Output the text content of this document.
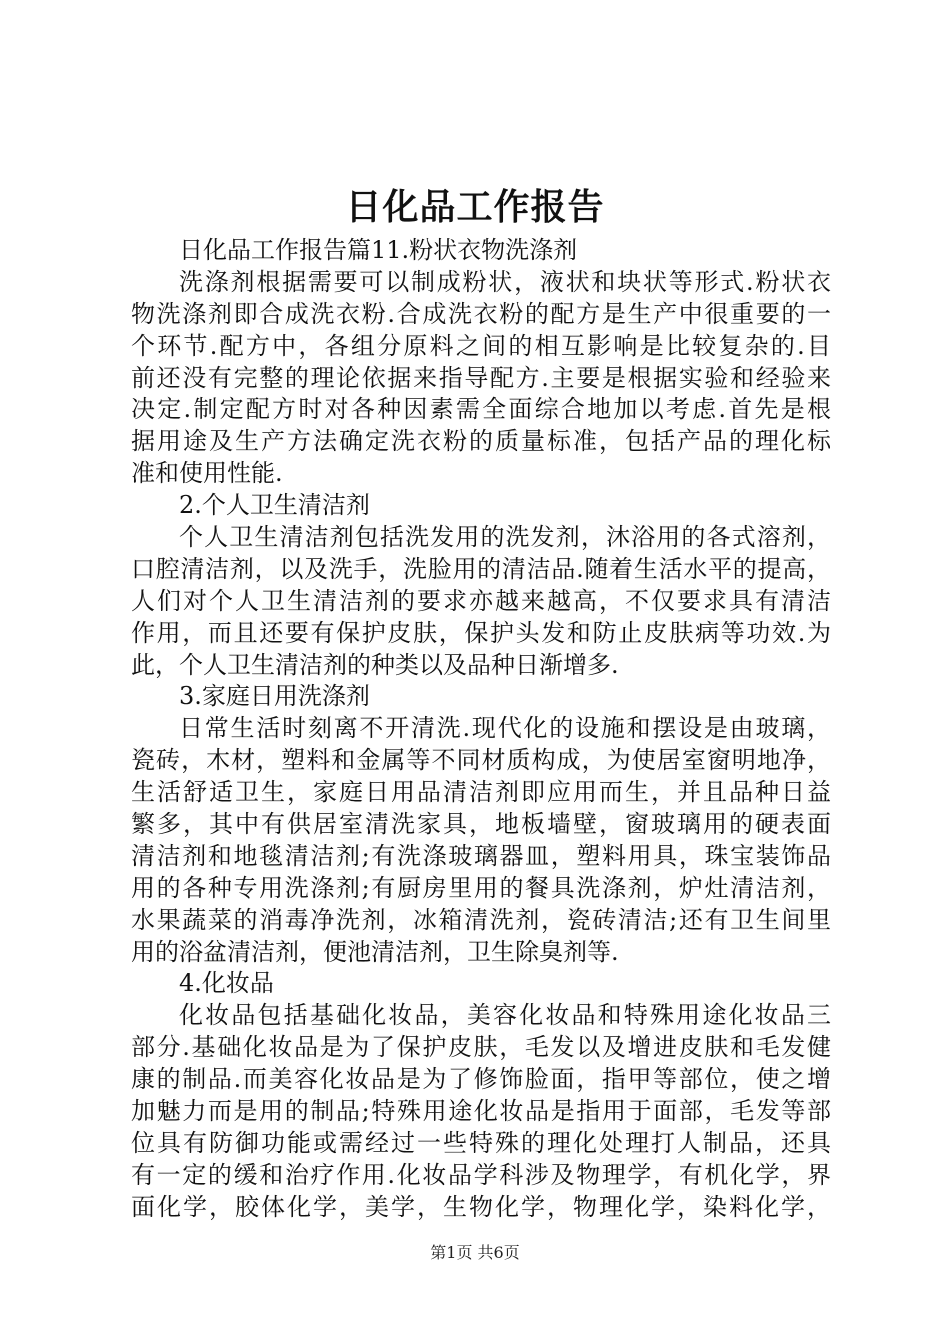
日化品工作报告
日化品工作报告篇11.粉状衣物洗涤剂
洗涤剂根据需要可以制成粉状，液状和块状等形式.粉状衣
物洗涤剂即合成洗衣粉.合成洗衣粉的配方是生产中很重要的一
个环节.配方中，各组分原料之间的相互影响是比较复杂的.目
前还没有完整的理论依据来指导配方.主要是根据实验和经验来
决定.制定配方时对各种因素需全面综合地加以考虑.首先是根
据用途及生产方法确定洗衣粉的质量标准，包括产品的理化标
准和使用性能.
2.个人卫生清洁剂
个人卫生清洁剂包括洗发用的洗发剂，沐浴用的各式溶剂，
口腔清洁剂，以及洗手，洗脸用的清洁品.随着生活水平的提高，
人们对个人卫生清洁剂的要求亦越来越高，不仅要求具有清洁
作用，而且还要有保护皮肤，保护头发和防止皮肤病等功效.为
此，个人卫生清洁剂的种类以及品种日渐增多.
3.家庭日用洗涤剂
日常生活时刻离不开清洗.现代化的设施和摆设是由玻璃，
瓷砖，木材，塑料和金属等不同材质构成，为使居室窗明地净，
生活舒适卫生，家庭日用品清洁剂即应用而生，并且品种日益
繁多，其中有供居室清洗家具，地板墙壁，窗玻璃用的硬表面
清洁剂和地毯清洁剂;有洗涤玻璃器皿，塑料用具，珠宝装饰品
用的各种专用洗涤剂;有厨房里用的餐具洗涤剂，炉灶清洁剂，
水果蔬菜的消毒净洗剂，冰箱清洗剂，瓷砖清洁;还有卫生间里
用的浴盆清洁剂，便池清洁剂，卫生除臭剂等.
4.化妆品
化妆品包括基础化妆品，美容化妆品和特殊用途化妆品三
部分.基础化妆品是为了保护皮肤，毛发以及增进皮肤和毛发健
康的制品.而美容化妆品是为了修饰脸面，指甲等部位，使之增
加魅力而是用的制品;特殊用途化妆品是指用于面部，毛发等部
位具有防御功能或需经过一些特殊的理化处理打人制品，还具
有一定的缓和治疗作用.化妆品学科涉及物理学，有机化学，界
面化学，胶体化学，美学，生物化学，物理化学，染料化学，
第1页 共6页
